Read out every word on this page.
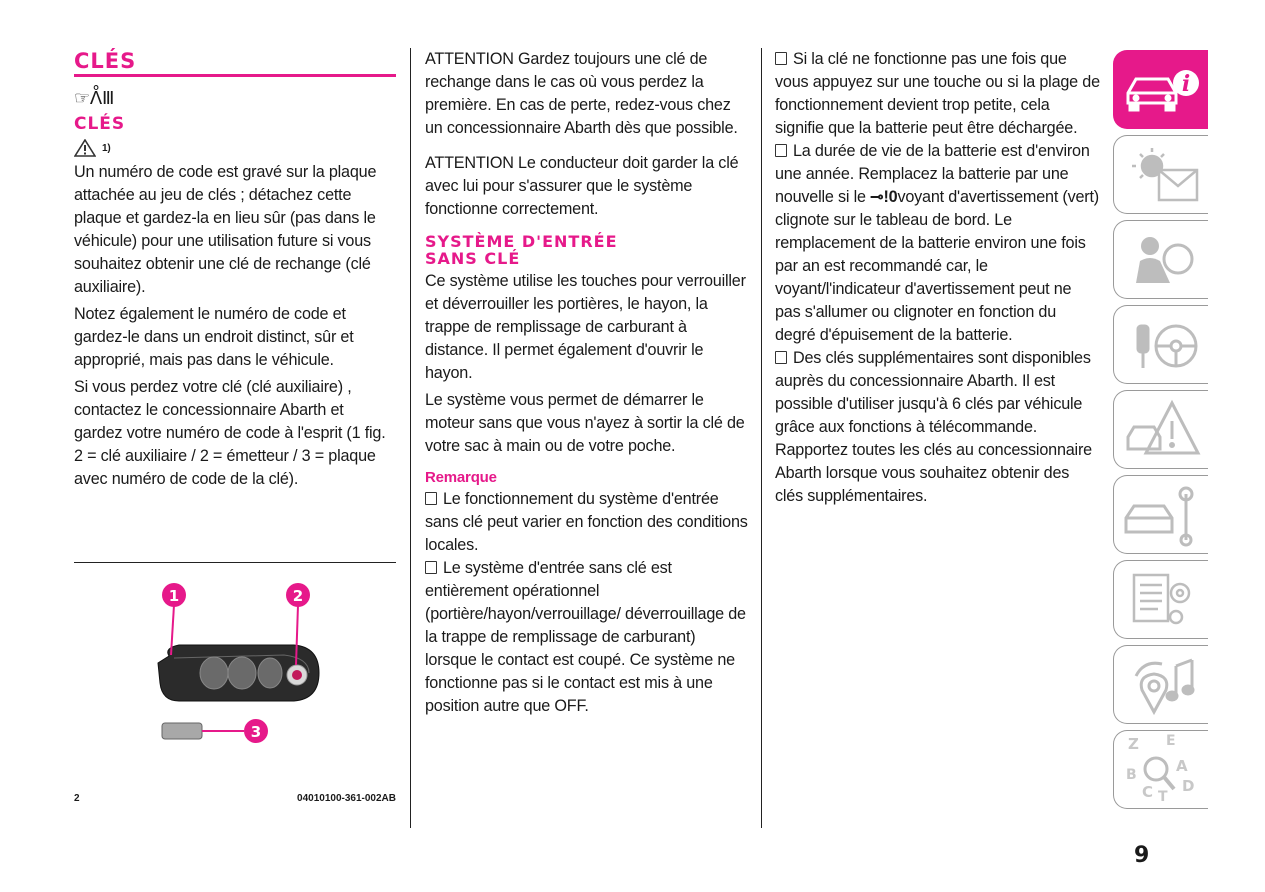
CLÉS
☞ᐰⅢ
CLÉS
1)

Un numéro de code est gravé sur la plaque attachée au jeu de clés ; détachez cette plaque et gardez-la en lieu sûr (pas dans le véhicule) pour une utilisation future si vous souhaitez obtenir une clé de rechange (clé auxiliaire).

Notez également le numéro de code et gardez-le dans un endroit distinct, sûr et approprié, mais pas dans le véhicule.

Si vous perdez votre clé (clé auxiliaire) , contactez le concessionnaire Abarth et gardez votre numéro de code à l'esprit (1 fig. 2 = clé auxiliaire / 2 = émetteur / 3 = plaque avec numéro de code de la clé).

1	2
3
2	04010100-361-002AB

ATTENTION Gardez toujours une clé de rechange dans le cas où vous perdez la première. En cas de perte, redez-vous chez un concessionnaire Abarth dès que possible.

ATTENTION Le conducteur doit garder la clé avec lui pour s'assurer que le système fonctionne correctement.

SYSTÈME D'ENTRÉE
SANS CLÉ

Ce système utilise les touches pour verrouiller et déverrouiller les portières, le hayon, la trappe de remplissage de carburant à distance. Il permet également d'ouvrir le hayon.

Le système vous permet de démarrer le moteur sans que vous n'ayez à sortir la clé de votre sac à main ou de votre poche.

Remarque

Le fonctionnement du système d'entrée sans clé peut varier en fonction des conditions locales.

Le système d'entrée sans clé est entièrement opérationnel (portière/hayon/verrouillage/ déverrouillage de la trappe de remplissage de carburant) lorsque le contact est coupé. Ce système ne fonctionne pas si le contact est mis à une position autre que OFF.

Si la clé ne fonctionne pas une fois que vous appuyez sur une touche ou si la plage de fonctionnement devient trop petite, cela signifie que la batterie peut être déchargée.

La durée de vie de la batterie est d'environ une année. Remplacez la batterie par une nouvelle si le ⊸!0voyant d'avertissement (vert) clignote sur le tableau de bord. Le remplacement de la batterie environ une fois par an est recommandé car, le voyant/l'indicateur d'avertissement peut ne pas s'allumer ou clignoter en fonction du degré d'épuisement de la batterie.

Des clés supplémentaires sont disponibles auprès du concessionnaire Abarth. Il est possible d'utiliser jusqu'à 6 clés par véhicule grâce aux fonctions à télécommande. Rapportez toutes les clés au concessionnaire Abarth lorsque vous souhaitez obtenir des clés supplémentaires.

i
Z E
B	A
C T
D
9
